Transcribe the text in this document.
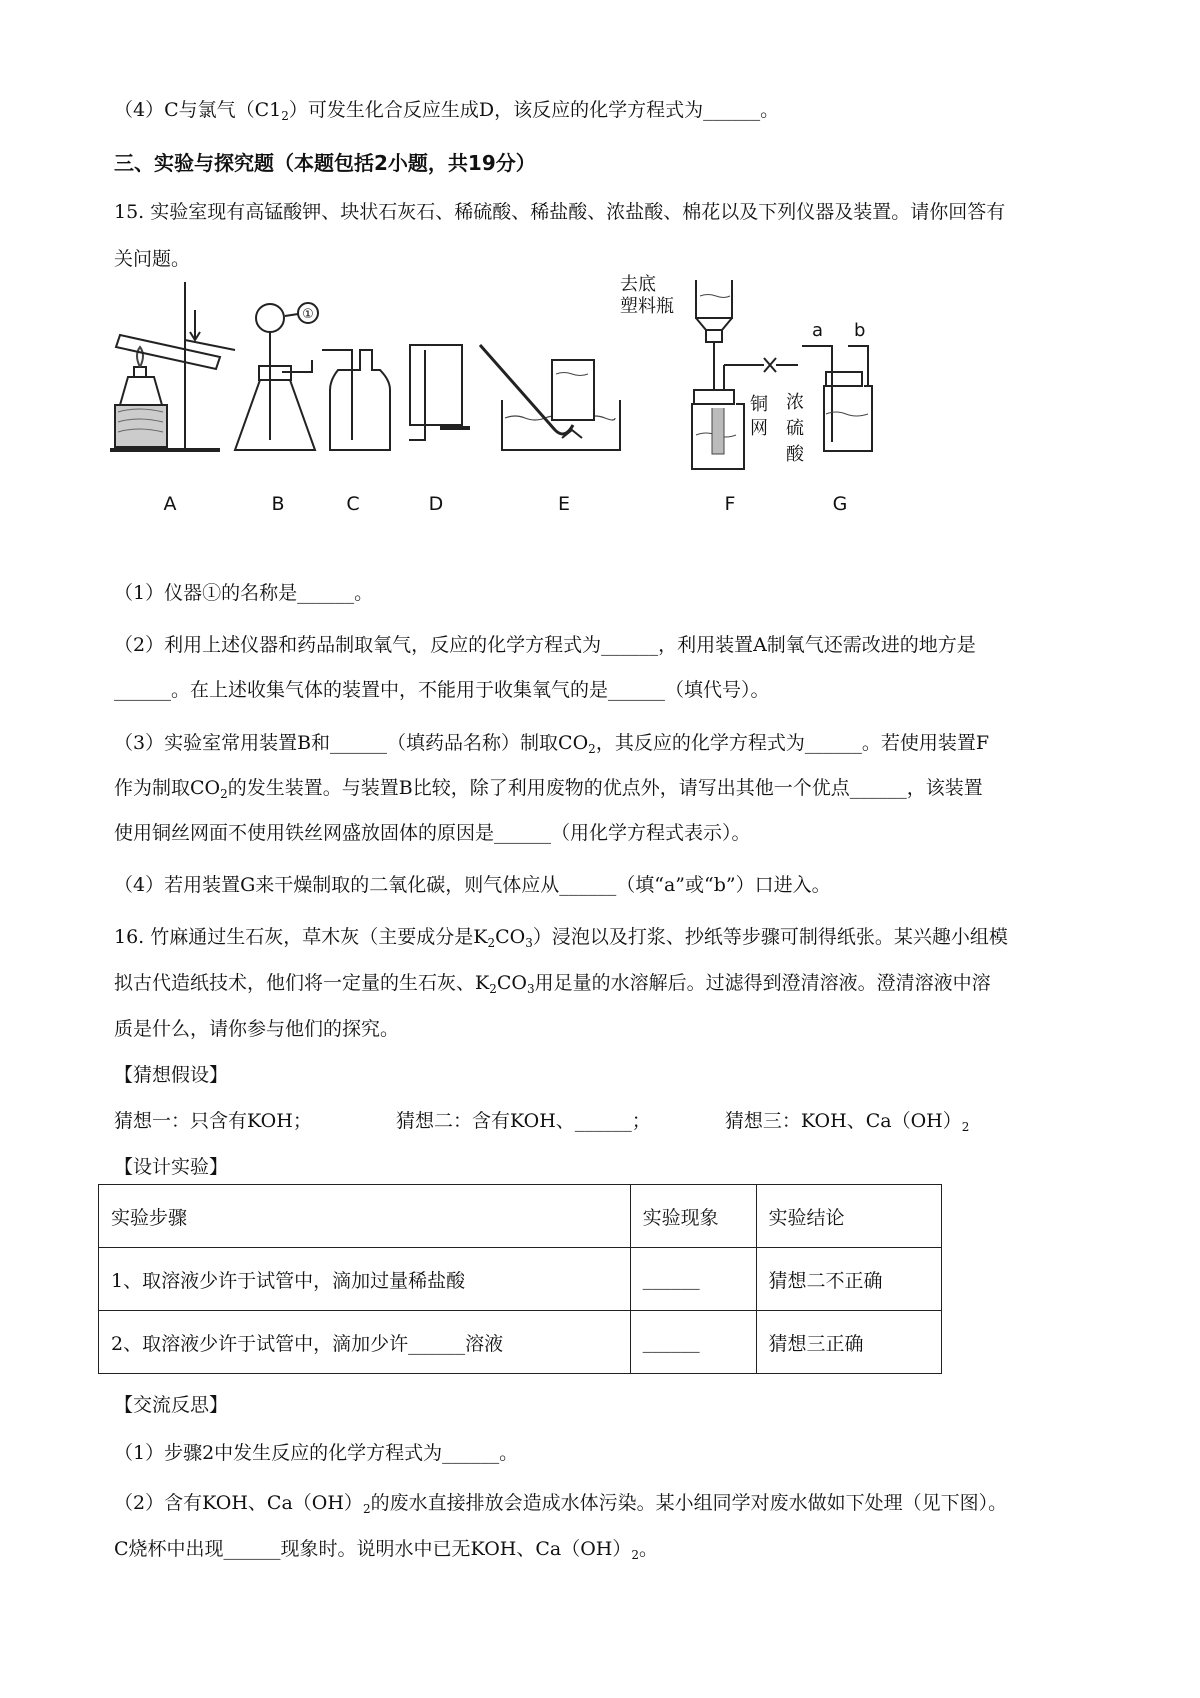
（4）C与氯气$(C1_2)$可发生化合反应生成D，该反应的化学方程式为______。
三、实验与探究题（本题包括2小题，共19分）
15. 实验室现有高锰酸钾、块状石灰石、稀硫酸、稀盐酸、浓盐酸、棉花以及下列仪器及装置。请你回答有
关问题。
①
去底
塑料瓶
铜
网
a b
浓
硫
酸
A	B	C	D	E	F	G
（1）仪器①的名称是______。
（2）利用上述仪器和药品制取氧气，反应的化学方程式为______，利用装置A制氧气还需改进的地方是
______。在上述收集气体的装置中，不能用于收集氧气的是______（填代号）。
（3）实验室常用装置B和______（填药品名称）制取$CO_2$，其反应的化学方程式为______。若使用装置F
作为制取$CO_2$的发生装置。与装置B比较，除了利用废物的优点外，请写出其他一个优点______，该装置
使用铜丝网面不使用铁丝网盛放固体的原因是______（用化学方程式表示）。
（4）若用装置G来干燥制取的二氧化碳，则气体应从______（填“a”或“b”）口进入。
16. 竹麻通过生石灰，草木灰（主要成分是$K_2CO_3$）浸泡以及打浆、抄纸等步骤可制得纸张。某兴趣小组模
拟古代造纸技术，他们将一定量的生石灰、$K_2CO_3$用足量的水溶解后。过滤得到澄清溶液。澄清溶液中溶
质是什么，请你参与他们的探究。
【猜想假设】
猜想一：只含有KOH；	猜想二：含有KOH、______；	猜想三：KOH、$Ca(OH)_2$
【设计实验】
实验步骤	实验现象	实验结论
1、取溶液少许于试管中，滴加过量稀盐酸	______	猜想二不正确
2、取溶液少许于试管中，滴加少许______溶液	______	猜想三正确
【交流反思】
（1）步骤2中发生反应的化学方程式为______。
（2）含有KOH、$Ca(OH)_2$的废水直接排放会造成水体污染。某小组同学对废水做如下处理（见下图）。
C烧杯中出现______现象时。说明水中已无KOH、$Ca(OH)_2$。
